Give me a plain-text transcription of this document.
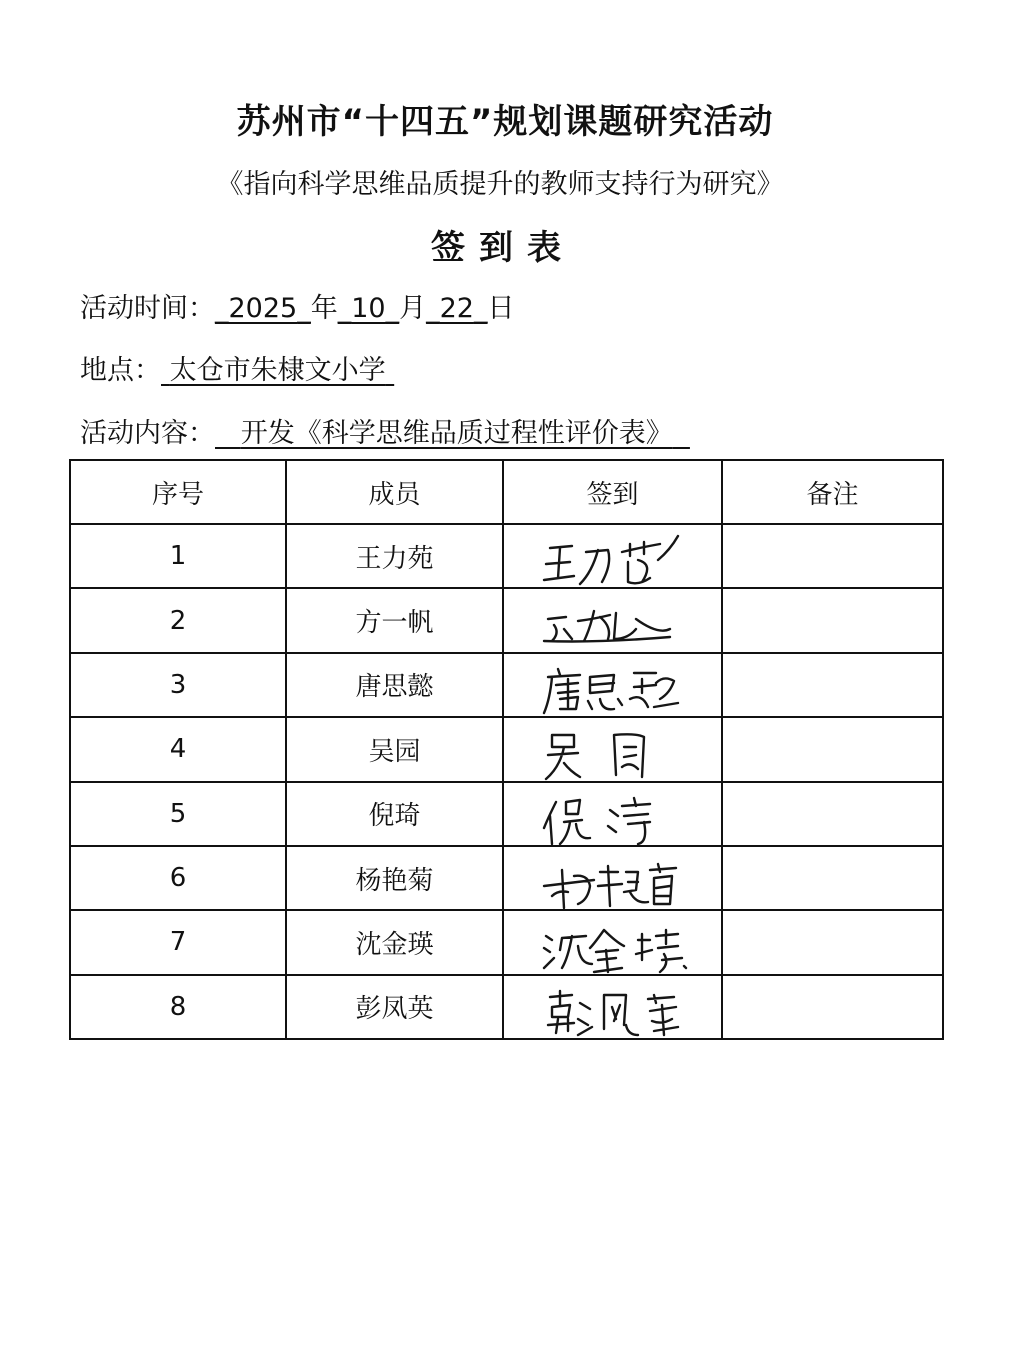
苏州市“十四五”规划课题研究活动
《指向科学思维品质提升的教师支持行为研究》
签到表
活动时间：_2025_年_10_月_22_日
地点： 太仓市朱棣文小学
活动内容： 开发《科学思维品质过程性评价表》
序号	成员	签到	备注
1	王力苑	

2	方一帆	

3	唐思懿	

4	吴园	

5	倪琦	

6	杨艳菊	

7	沈金瑛	

8	彭凤英	
